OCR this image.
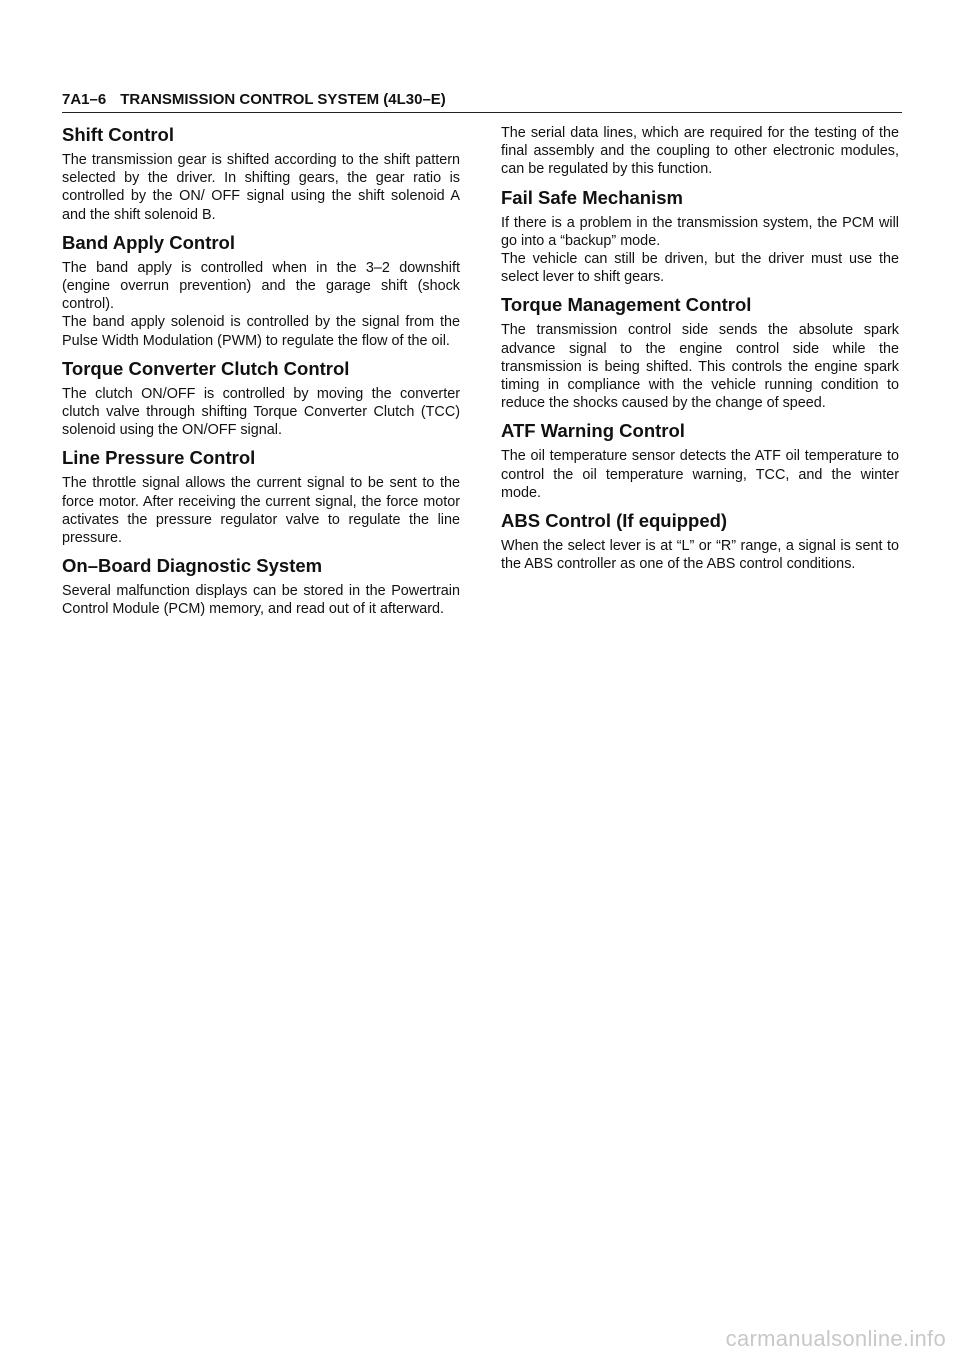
7A1–6 TRANSMISSION CONTROL SYSTEM (4L30–E)
Shift Control

The transmission gear is shifted according to the shift pattern selected by the driver. In shifting gears, the gear ratio is controlled by the ON/ OFF signal using the shift solenoid A and the shift solenoid B.

Band Apply Control

The band apply is controlled when in the 3–2 downshift (engine overrun prevention) and the garage shift (shock control).

The band apply solenoid is controlled by the signal from the Pulse Width Modulation (PWM) to regulate the flow of the oil.

Torque Converter Clutch Control

The clutch ON/OFF is controlled by moving the converter clutch valve through shifting Torque Converter Clutch (TCC) solenoid using the ON/OFF signal.

Line Pressure Control

The throttle signal allows the current signal to be sent to the force motor. After receiving the current signal, the force motor activates the pressure regulator valve to regulate the line pressure.

On–Board Diagnostic System

Several malfunction displays can be stored in the Powertrain Control Module (PCM) memory, and read out of it afterward.

The serial data lines, which are required for the testing of the final assembly and the coupling to other electronic modules, can be regulated by this function.

Fail Safe Mechanism

If there is a problem in the transmission system, the PCM will go into a “backup” mode.

The vehicle can still be driven, but the driver must use the select lever to shift gears.

Torque Management Control

The transmission control side sends the absolute spark advance signal to the engine control side while the transmission is being shifted. This controls the engine spark timing in compliance with the vehicle running condition to reduce the shocks caused by the change of speed.

ATF Warning Control

The oil temperature sensor detects the ATF oil temperature to control the oil temperature warning, TCC, and the winter mode.

ABS Control (If equipped)

When the select lever is at “L” or “R” range, a signal is sent to the ABS controller as one of the ABS control conditions.

carmanualsonline.info
